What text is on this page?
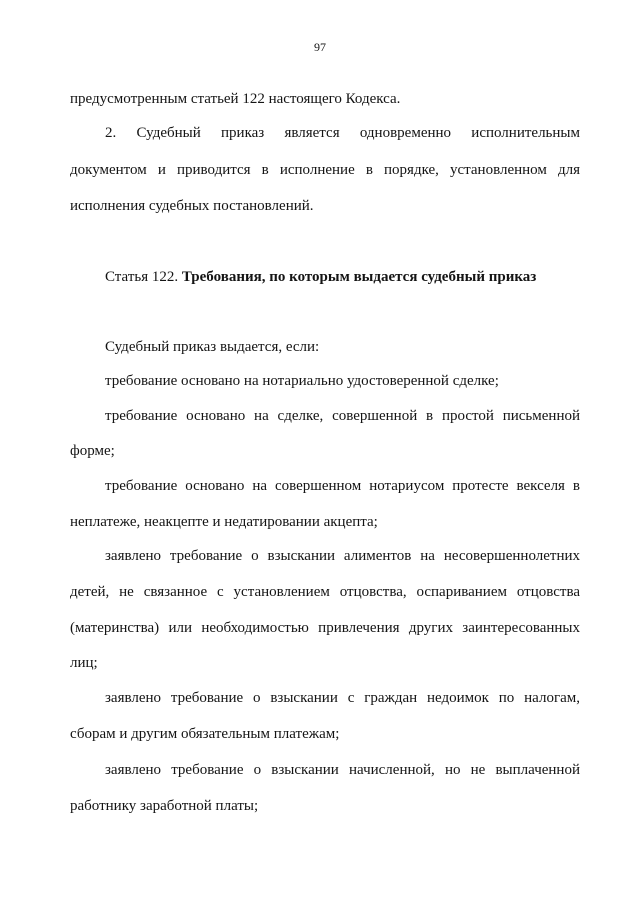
97
предусмотренным статьей 122 настоящего Кодекса.
2. Судебный приказ является одновременно исполнительным
документом и приводится в исполнение в порядке, установленном для
исполнения судебных постановлений.
Статья 122. Требования, по которым выдается судебный приказ
Судебный приказ выдается, если:
требование основано на нотариально удостоверенной сделке;
требование основано на сделке, совершенной в простой письменной
форме;
требование основано на совершенном нотариусом протесте векселя в
неплатеже, неакцепте и недатировании акцепта;
заявлено требование о взыскании алиментов на несовершеннолетних
детей, не связанное с установлением отцовства, оспариванием отцовства
(материнства) или необходимостью привлечения других заинтересованных
лиц;
заявлено требование о взыскании с граждан недоимок по налогам,
сборам и другим обязательным платежам;
заявлено требование о взыскании начисленной, но не выплаченной
работнику заработной платы;
